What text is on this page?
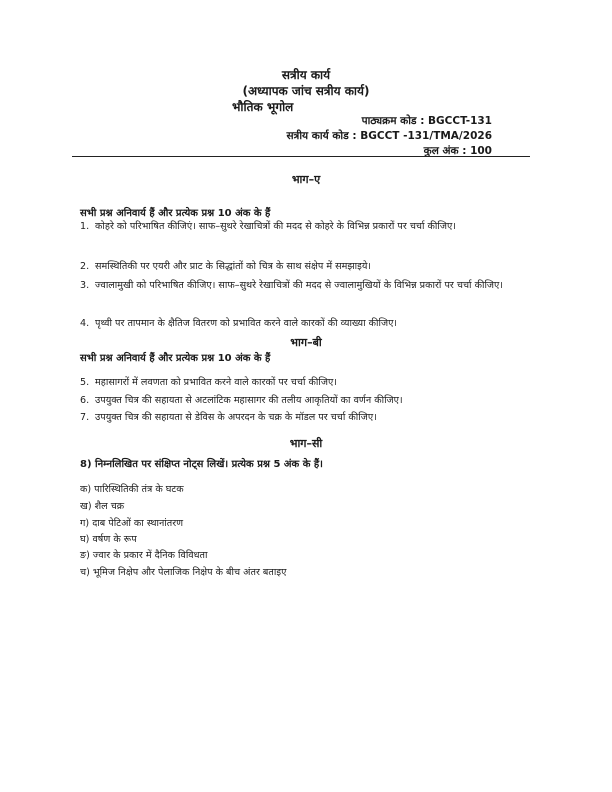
सत्रीय कार्य
(अध्यापक जांच सत्रीय कार्य)
भौतिक भूगोल
पाठ्यक्रम कोड : BGCCT-131
सत्रीय कार्य कोड : BGCCT -131/TMA/2026
कुल अंक : 100
भाग–ए
सभी प्रश्न अनिवार्य हैं और प्रत्येक प्रश्न 10 अंक के हैं
1. कोहरे को परिभाषित कीजिएं। साफ–सुथरे रेखाचित्रों की मदद से कोहरे के विभिन्न प्रकारों पर चर्चा कीजिए।
2. समस्थितिकी पर एयरी और प्राट के सिद्धांतों को चित्र के साथ संक्षेप में समझाइये।
3. ज्वालामुखी को परिभाषित कीजिए। साफ–सुथरे रेखाचित्रों की मदद से ज्वालामुखियों के विभिन्न प्रकारों पर चर्चा कीजिए।
4. पृथ्वी पर तापमान के क्षैतिज वितरण को प्रभावित करने वाले कारकों की व्याख्या कीजिए।
भाग–बी
सभी प्रश्न अनिवार्य हैं और प्रत्येक प्रश्न 10 अंक के हैं
5. महासागरों में लवणता को प्रभावित करने वाले कारकों पर चर्चा कीजिए।
6. उपयुक्त चित्र की सहायता से अटलांटिक महासागर की तलीय आकृतियों का वर्णन कीजिए।
7. उपयुक्त चित्र की सहायता से डेविस के अपरदन के चक्र के मॉडल पर चर्चा कीजिए।
भाग–सी
8) निम्नलिखित पर संक्षिप्त नोट्स लिखें। प्रत्येक प्रश्न 5 अंक के हैं।
क) पारिस्थितिकी तंत्र के घटक
ख) शैल चक्र
ग) दाब पेटिओं का स्थानांतरण
घ) वर्षण के रूप
ङ) ज्वार के प्रकार में दैनिक विविधता
च) भूमिज निक्षेप और पेलाजिक निक्षेप के बीच अंतर बताइए
